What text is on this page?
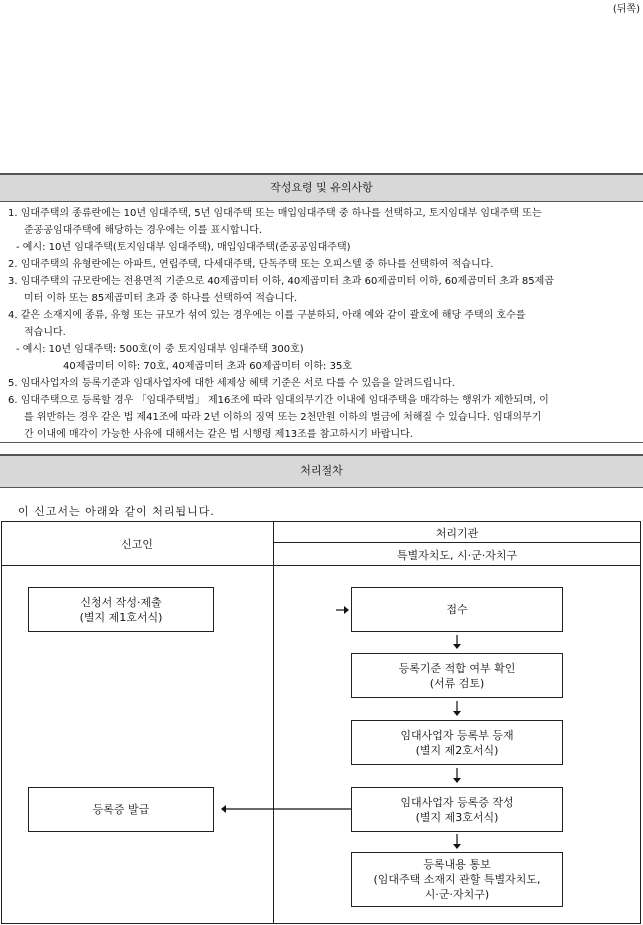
(뒤쪽)
작성요령 및 유의사항
1. 임대주택의 종류란에는 10년 임대주택, 5년 임대주택 또는 매입임대주택 중 하나를 선택하고, 토지임대부 임대주택 또는
준공공임대주택에 해당하는 경우에는 이를 표시합니다.
- 예시: 10년 임대주택(토지임대부 임대주택), 매입임대주택(준공공임대주택)
2. 임대주택의 유형란에는 아파트, 연립주택, 다세대주택, 단독주택 또는 오피스텔 중 하나를 선택하여 적습니다.
3. 임대주택의 규모란에는 전용면적 기준으로 40제곱미터 이하, 40제곱미터 초과 60제곱미터 이하, 60제곱미터 초과 85제곱
미터 이하 또는 85제곱미터 초과 중 하나를 선택하여 적습니다.
4. 같은 소재지에 종류, 유형 또는 규모가 섞여 있는 경우에는 이를 구분하되, 아래 예와 같이 괄호에 해당 주택의 호수를
적습니다.
- 예시: 10년 임대주택: 500호(이 중 토지임대부 임대주택 300호)
40제곱미터 이하: 70호, 40제곱미터 초과 60제곱미터 이하: 35호
5. 임대사업자의 등록기준과 임대사업자에 대한 세제상 혜택 기준은 서로 다를 수 있음을 알려드립니다.
6. 임대주택으로 등록할 경우 「임대주택법」 제16조에 따라 임대의무기간 이내에 임대주택을 매각하는 행위가 제한되며, 이
를 위반하는 경우 같은 법 제41조에 따라 2년 이하의 징역 또는 2천만원 이하의 벌금에 처해질 수 있습니다. 임대의무기
간 이내에 매각이 가능한 사유에 대해서는 같은 법 시행령 제13조를 참고하시기 바랍니다.
처리절차
이 신고서는 아래와 같이 처리됩니다.
신고인
처리기관
특별자치도, 시·군·자치구
신청서 작성·제출
(별지 제1호서식)
등록증 발급
접수
등록기준 적합 여부 확인
(서류 검토)
임대사업자 등록부 등재
(별지 제2호서식)
임대사업자 등록증 작성
(별지 제3호서식)
등록내용 통보
(임대주택 소재지 관할 특별자치도,
시·군·자치구)
